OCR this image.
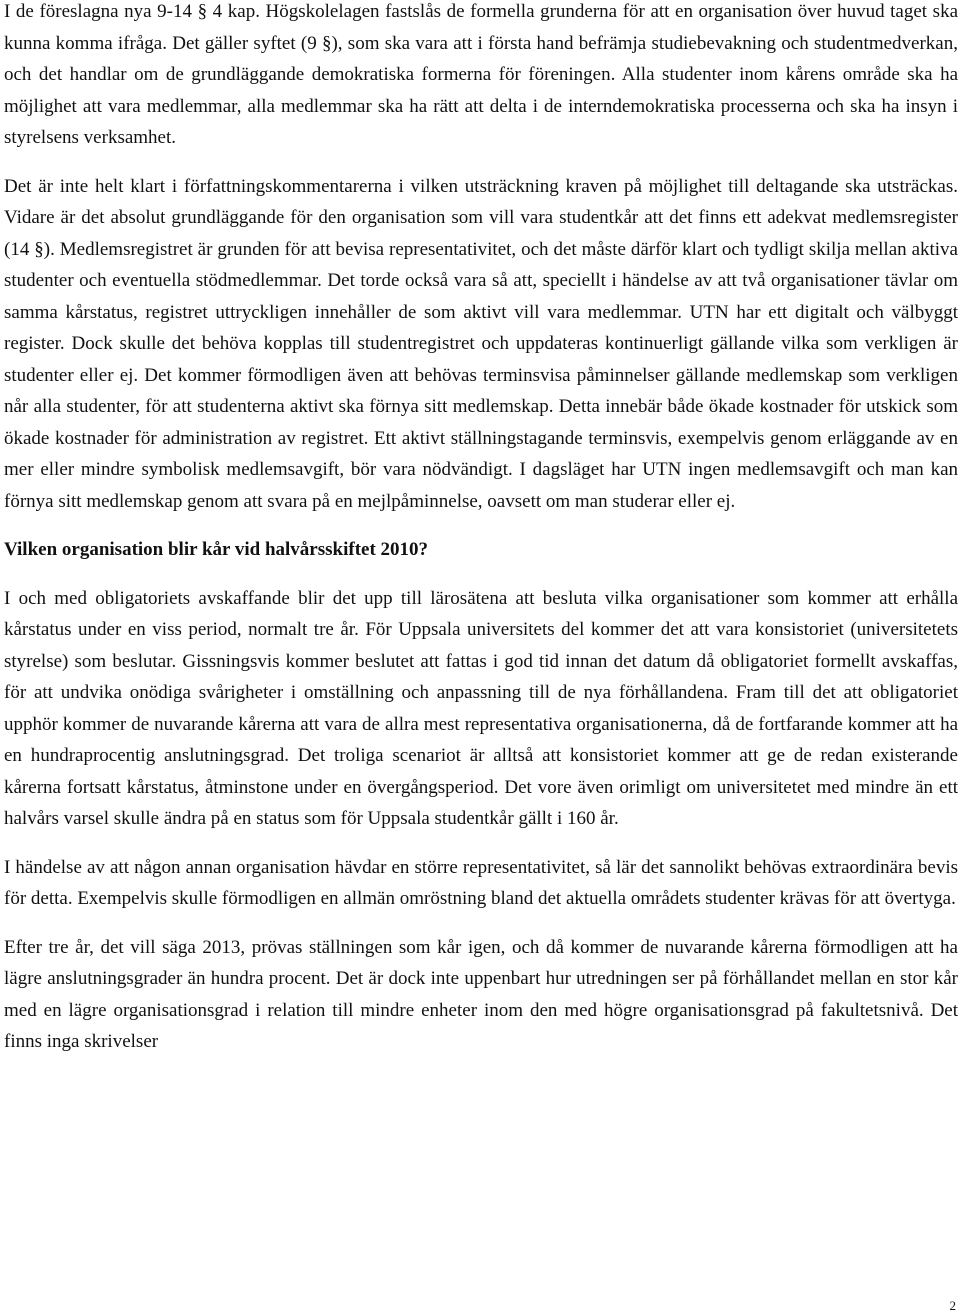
I de föreslagna nya 9-14 § 4 kap. Högskolelagen fastslås de formella grunderna för att en organisation över huvud taget ska kunna komma ifråga. Det gäller syftet (9 §), som ska vara att i första hand befrämja studiebevakning och studentmedverkan, och det handlar om de grundläggande demokratiska formerna för föreningen. Alla studenter inom kårens område ska ha möjlighet att vara medlemmar, alla medlemmar ska ha rätt att delta i de interndemokratiska processerna och ska ha insyn i styrelsens verksamhet.

Det är inte helt klart i författningskommentarerna i vilken utsträckning kraven på möjlighet till deltagande ska utsträckas. Vidare är det absolut grundläggande för den organisation som vill vara studentkår att det finns ett adekvat medlemsregister (14 §). Medlemsregistret är grunden för att bevisa representativitet, och det måste därför klart och tydligt skilja mellan aktiva studenter och eventuella stödmedlemmar. Det torde också vara så att, speciellt i händelse av att två organisationer tävlar om samma kårstatus, registret uttryckligen innehåller de som aktivt vill vara medlemmar. UTN har ett digitalt och välbyggt register. Dock skulle det behöva kopplas till studentregistret och uppdateras kontinuerligt gällande vilka som verkligen är studenter eller ej. Det kommer förmodligen även att behövas terminsvisa påminnelser gällande medlemskap som verkligen når alla studenter, för att studenterna aktivt ska förnya sitt medlemskap. Detta innebär både ökade kostnader för utskick som ökade kostnader för administration av registret. Ett aktivt ställningstagande terminsvis, exempelvis genom erläggande av en mer eller mindre symbolisk medlemsavgift, bör vara nödvändigt. I dagsläget har UTN ingen medlemsavgift och man kan förnya sitt medlemskap genom att svara på en mejlpåminnelse, oavsett om man studerar eller ej.

Vilken organisation blir kår vid halvårsskiftet 2010?

I och med obligatoriets avskaffande blir det upp till lärosätena att besluta vilka organisationer som kommer att erhålla kårstatus under en viss period, normalt tre år. För Uppsala universitets del kommer det att vara konsistoriet (universitetets styrelse) som beslutar. Gissningsvis kommer beslutet att fattas i god tid innan det datum då obligatoriet formellt avskaffas, för att undvika onödiga svårigheter i omställning och anpassning till de nya förhållandena. Fram till det att obligatoriet upphör kommer de nuvarande kårerna att vara de allra mest representativa organisationerna, då de fortfarande kommer att ha en hundraprocentig anslutningsgrad. Det troliga scenariot är alltså att konsistoriet kommer att ge de redan existerande kårerna fortsatt kårstatus, åtminstone under en övergångsperiod. Det vore även orimligt om universitetet med mindre än ett halvårs varsel skulle ändra på en status som för Uppsala studentkår gällt i 160 år.

I händelse av att någon annan organisation hävdar en större representativitet, så lär det sannolikt behövas extraordinära bevis för detta. Exempelvis skulle förmodligen en allmän omröstning bland det aktuella områdets studenter krävas för att övertyga.

Efter tre år, det vill säga 2013, prövas ställningen som kår igen, och då kommer de nuvarande kårerna förmodligen att ha lägre anslutningsgrader än hundra procent. Det är dock inte uppenbart hur utredningen ser på förhållandet mellan en stor kår med en lägre organisationsgrad i relation till mindre enheter inom den med högre organisationsgrad på fakultetsnivå. Det finns inga skrivelser

2
